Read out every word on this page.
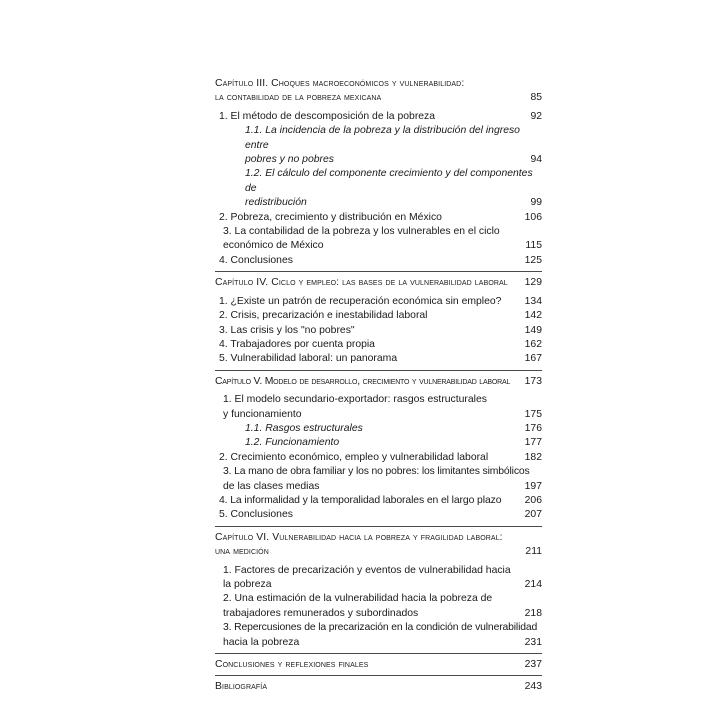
Capítulo III. Choques macroeconómicos y vulnerabilidad:
la contabilidad de la pobreza mexicana	85
1. El método de descomposición de la pobreza	92
1.1. La incidencia de la pobreza y la distribución del ingreso entre
pobres y no pobres	94
1.2. El cálculo del componente crecimiento y del componentes de
redistribución	99
2. Pobreza, crecimiento y distribución en México	106
3. La contabilidad de la pobreza y los vulnerables en el ciclo
económico de México	115
4. Conclusiones	125
Capítulo IV. Ciclo y empleo: las bases de la vulnerabilidad laboral	129
1. ¿Existe un patrón de recuperación económica sin empleo?	134
2. Crisis, precarización e inestabilidad laboral	142
3. Las crisis y los "no pobres"	149
4. Trabajadores por cuenta propia	162
5. Vulnerabilidad laboral: un panorama	167
Capítulo V. Modelo de desarrollo, crecimiento y vulnerabilidad laboral	173
1. El modelo secundario-exportador: rasgos estructurales
y funcionamiento	175
1.1. Rasgos estructurales	176
1.2. Funcionamiento	177
2. Crecimiento económico, empleo y vulnerabilidad laboral	182
3. La mano de obra familiar y los no pobres: los limitantes simbólicos
de las clases medias	197
4. La informalidad y la temporalidad laborales en el largo plazo	206
5. Conclusiones	207
Capítulo VI. Vulnerabilidad hacia la pobreza y fragilidad laboral:
una medición	211
1. Factores de precarización y eventos de vulnerabilidad hacia
la pobreza	214
2. Una estimación de la vulnerabilidad hacia la pobreza de
trabajadores remunerados y subordinados	218
3. Repercusiones de la precarización en la condición de vulnerabilidad
hacia la pobreza	231
Conclusiones y reflexiones finales	237
Bibliografía	243
